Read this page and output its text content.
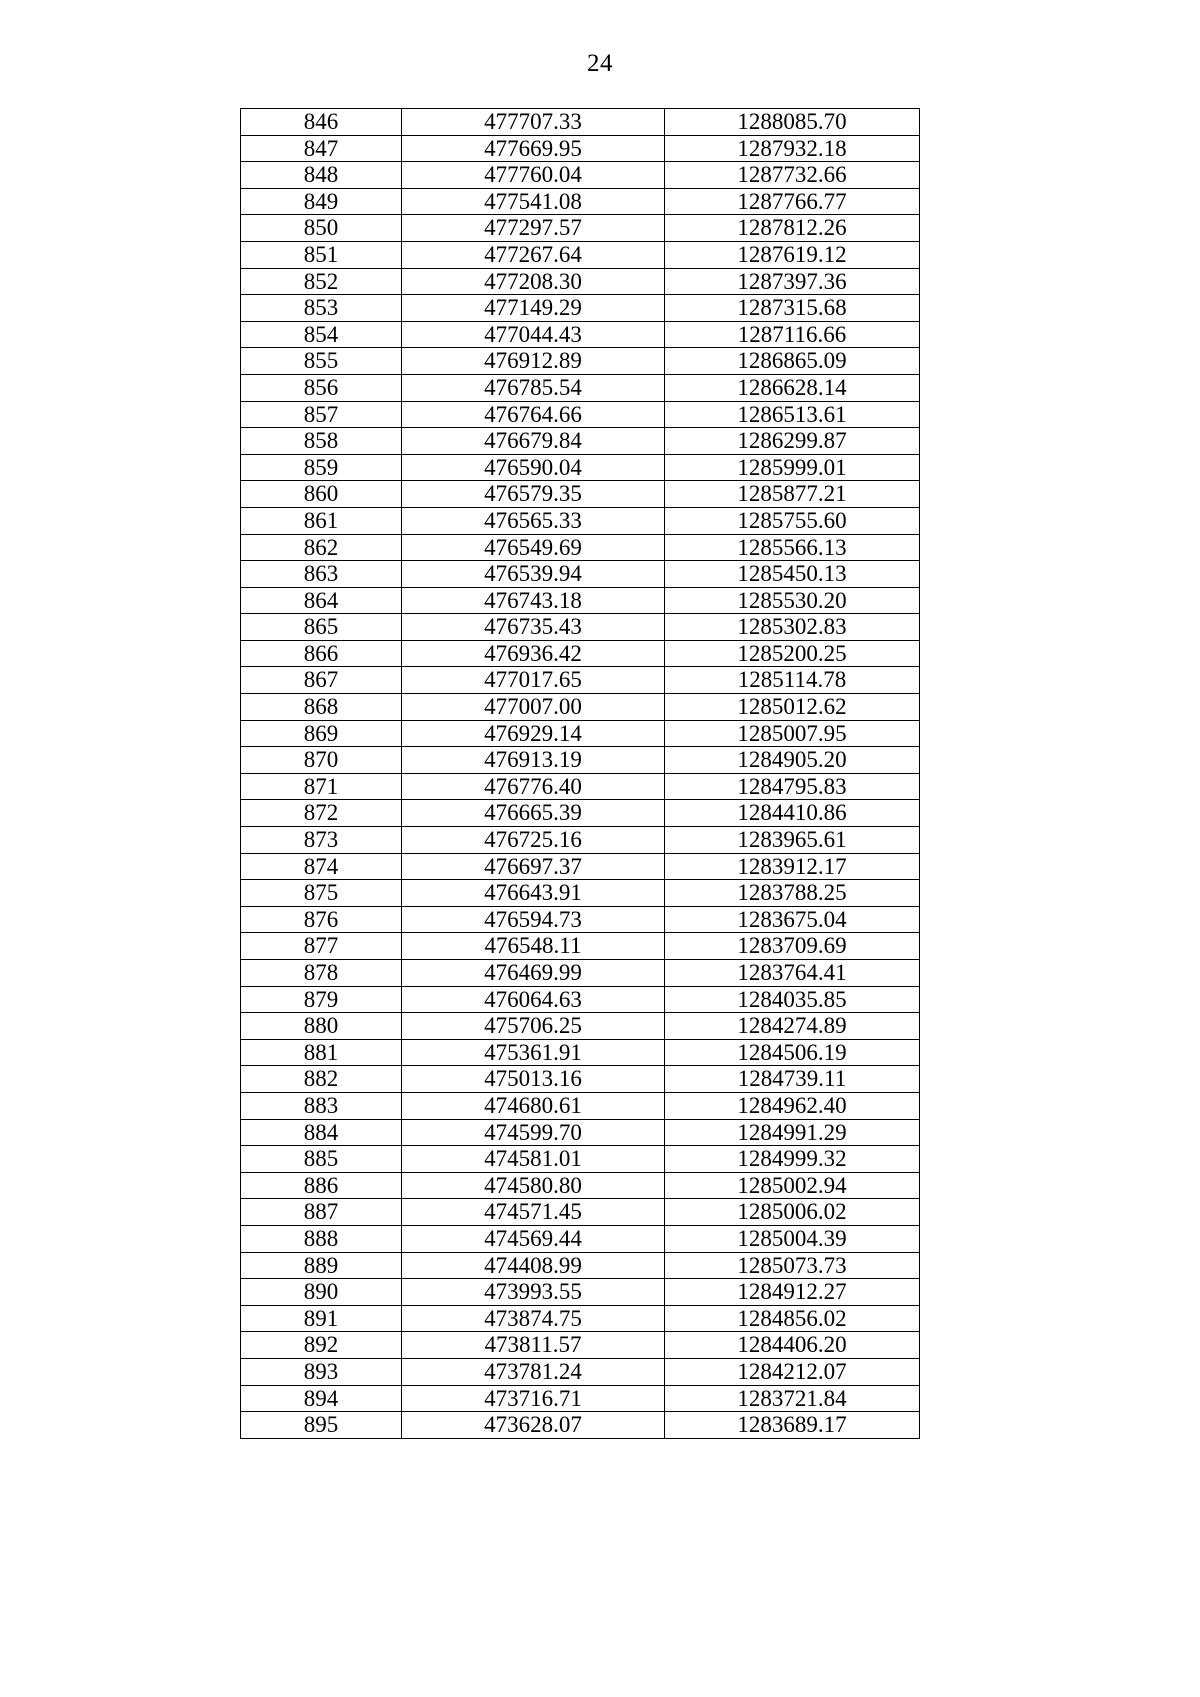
24
846	477707.33	1288085.70
847	477669.95	1287932.18
848	477760.04	1287732.66
849	477541.08	1287766.77
850	477297.57	1287812.26
851	477267.64	1287619.12
852	477208.30	1287397.36
853	477149.29	1287315.68
854	477044.43	1287116.66
855	476912.89	1286865.09
856	476785.54	1286628.14
857	476764.66	1286513.61
858	476679.84	1286299.87
859	476590.04	1285999.01
860	476579.35	1285877.21
861	476565.33	1285755.60
862	476549.69	1285566.13
863	476539.94	1285450.13
864	476743.18	1285530.20
865	476735.43	1285302.83
866	476936.42	1285200.25
867	477017.65	1285114.78
868	477007.00	1285012.62
869	476929.14	1285007.95
870	476913.19	1284905.20
871	476776.40	1284795.83
872	476665.39	1284410.86
873	476725.16	1283965.61
874	476697.37	1283912.17
875	476643.91	1283788.25
876	476594.73	1283675.04
877	476548.11	1283709.69
878	476469.99	1283764.41
879	476064.63	1284035.85
880	475706.25	1284274.89
881	475361.91	1284506.19
882	475013.16	1284739.11
883	474680.61	1284962.40
884	474599.70	1284991.29
885	474581.01	1284999.32
886	474580.80	1285002.94
887	474571.45	1285006.02
888	474569.44	1285004.39
889	474408.99	1285073.73
890	473993.55	1284912.27
891	473874.75	1284856.02
892	473811.57	1284406.20
893	473781.24	1284212.07
894	473716.71	1283721.84
895	473628.07	1283689.17
